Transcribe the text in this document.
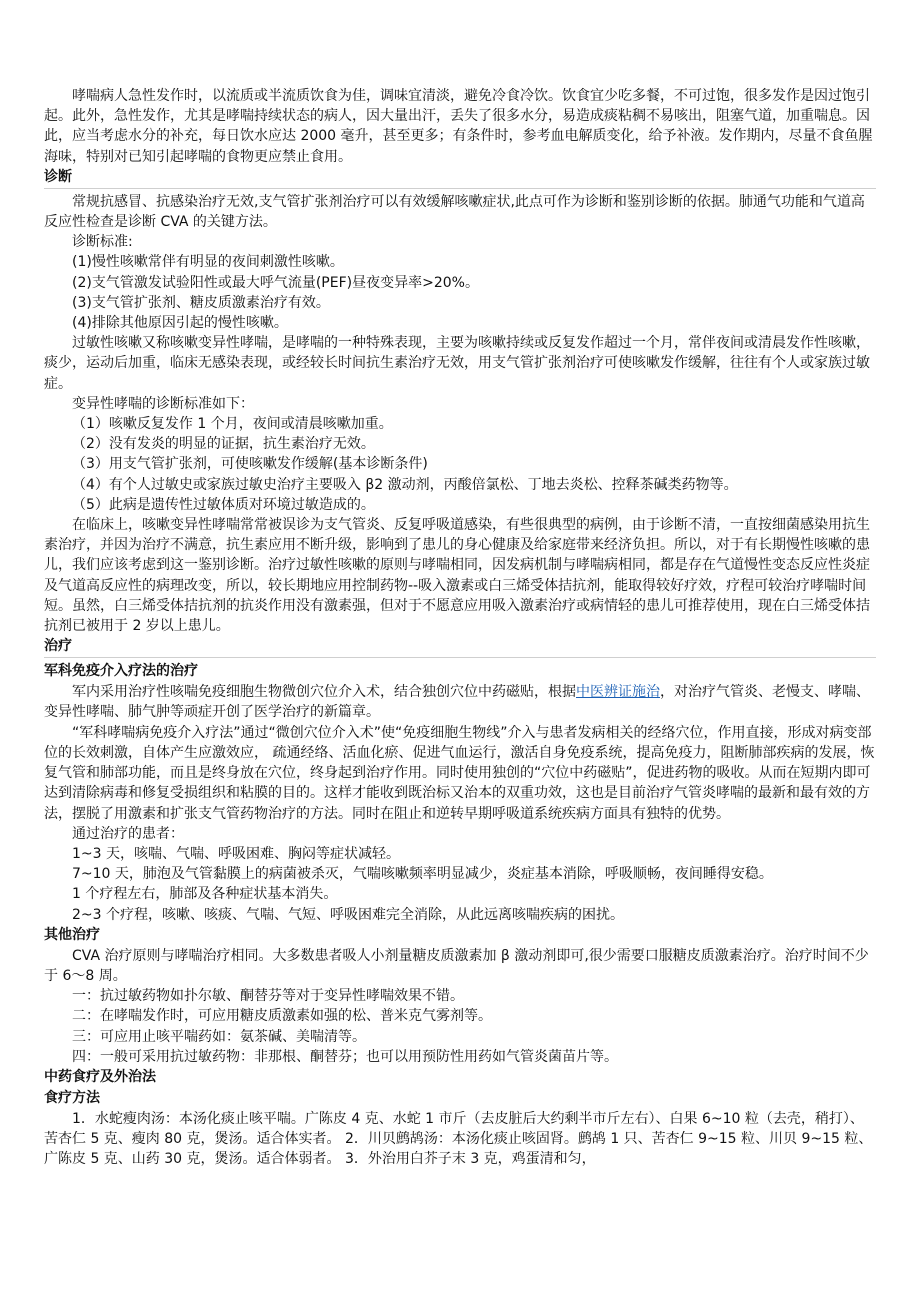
哮喘病人急性发作时，以流质或半流质饮食为佳，调味宜清淡，避免冷食冷饮。饮食宜少吃多餐，不可过饱，很多发作是因过饱引起。此外，急性发作，尤其是哮喘持续状态的病人，因大量出汗，丢失了很多水分，易造成痰粘稠不易咳出，阻塞气道，加重喘息。因此，应当考虑水分的补充，每日饮水应达 2000 毫升，甚至更多；有条件时，参考血电解质变化，给予补液。发作期内，尽量不食鱼腥海味，特别对已知引起哮喘的食物更应禁止食用。

诊断

常规抗感冒、抗感染治疗无效,支气管扩张剂治疗可以有效缓解咳嗽症状,此点可作为诊断和鉴别诊断的依据。肺通气功能和气道高反应性检查是诊断 CVA 的关键方法。

诊断标准:

(1)慢性咳嗽常伴有明显的夜间刺激性咳嗽。

(2)支气管激发试验阳性或最大呼气流量(PEF)昼夜变异率>20%。

(3)支气管扩张剂、糖皮质激素治疗有效。

(4)排除其他原因引起的慢性咳嗽。

过敏性咳嗽又称咳嗽变异性哮喘，是哮喘的一种特殊表现，主要为咳嗽持续或反复发作超过一个月，常伴夜间或清晨发作性咳嗽，痰少，运动后加重，临床无感染表现，或经较长时间抗生素治疗无效，用支气管扩张剂治疗可使咳嗽发作缓解，往往有个人或家族过敏症。

变异性哮喘的诊断标准如下：

（1）咳嗽反复发作 1 个月，夜间或清晨咳嗽加重。

（2）没有发炎的明显的证据，抗生素治疗无效。

（3）用支气管扩张剂，可使咳嗽发作缓解(基本诊断条件)

（4）有个人过敏史或家族过敏史治疗主要吸入 β2 激动剂，丙酸倍氯松、丁地去炎松、控释茶碱类药物等。

（5）此病是遗传性过敏体质对环境过敏造成的。

在临床上，咳嗽变异性哮喘常常被误诊为支气管炎、反复呼吸道感染，有些很典型的病例，由于诊断不清，一直按细菌感染用抗生素治疗，并因为治疗不满意，抗生素应用不断升级，影响到了患儿的身心健康及给家庭带来经济负担。所以，对于有长期慢性咳嗽的患儿，我们应该考虑到这一鉴别诊断。治疗过敏性咳嗽的原则与哮喘相同，因发病机制与哮喘病相同，都是存在气道慢性变态反应性炎症及气道高反应性的病理改变，所以，较长期地应用控制药物--吸入激素或白三烯受体拮抗剂，能取得较好疗效，疗程可较治疗哮喘时间短。虽然，白三烯受体拮抗剂的抗炎作用没有激素强，但对于不愿意应用吸入激素治疗或病情轻的患儿可推荐使用，现在白三烯受体拮抗剂已被用于 2 岁以上患儿。

治疗

军科免疫介入疗法的治疗

军内采用治疗性咳喘免疫细胞生物微创穴位介入术，结合独创穴位中药磁贴，根据中医辨证施治，对治疗气管炎、老慢支、哮喘、变异性哮喘、肺气肿等顽症开创了医学治疗的新篇章。

“军科哮喘病免疫介入疗法”通过“微创穴位介入术”使“免疫细胞生物线”介入与患者发病相关的经络穴位，作用直接，形成对病变部位的长效刺激，自体产生应激效应， 疏通经络、活血化瘀、促进气血运行，激活自身免疫系统，提高免疫力，阻断肺部疾病的发展，恢复气管和肺部功能，而且是终身放在穴位，终身起到治疗作用。同时使用独创的“穴位中药磁贴”，促进药物的吸收。从而在短期内即可达到清除病毒和修复受损组织和粘膜的目的。这样才能收到既治标又治本的双重功效，这也是目前治疗气管炎哮喘的最新和最有效的方法，摆脱了用激素和扩张支气管药物治疗的方法。同时在阻止和逆转早期呼吸道系统疾病方面具有独特的优势。

通过治疗的患者：

1~3 天，咳喘、气喘、呼吸困难、胸闷等症状减轻。

7~10 天，肺泡及气管黏膜上的病菌被杀灭，气喘咳嗽频率明显减少，炎症基本消除，呼吸顺畅，夜间睡得安稳。

1 个疗程左右，肺部及各种症状基本消失。

2~3 个疗程，咳嗽、咳痰、气喘、气短、呼吸困难完全消除，从此远离咳喘疾病的困扰。

其他治疗

CVA 治疗原则与哮喘治疗相同。大多数患者吸人小剂量糖皮质激素加 β 激动剂即可,很少需要口服糖皮质激素治疗。治疗时间不少于 6～8 周。

一：抗过敏药物如扑尔敏、酮替芬等对于变异性哮喘效果不错。

二：在哮喘发作时，可应用糖皮质激素如强的松、普米克气雾剂等。

三：可应用止咳平喘药如：氨茶碱、美喘清等。

四：一般可采用抗过敏药物：非那根、酮替芬；也可以用预防性用药如气管炎菌苗片等。

中药食疗及外治法

食疗方法

1．水蛇瘦肉汤：本汤化痰止咳平喘。广陈皮 4 克、水蛇 1 市斤（去皮脏后大约剩半市斤左右）、白果 6~10 粒（去壳，稍打）、苦杏仁 5 克、瘦肉 80 克，煲汤。适合体实者。 2．川贝鹧鸪汤：本汤化痰止咳固肾。鹧鸪 1 只、苦杏仁 9~15 粒、川贝 9~15 粒、广陈皮 5 克、山药 30 克，煲汤。适合体弱者。 3．外治用白芥子末 3 克，鸡蛋清和匀，
